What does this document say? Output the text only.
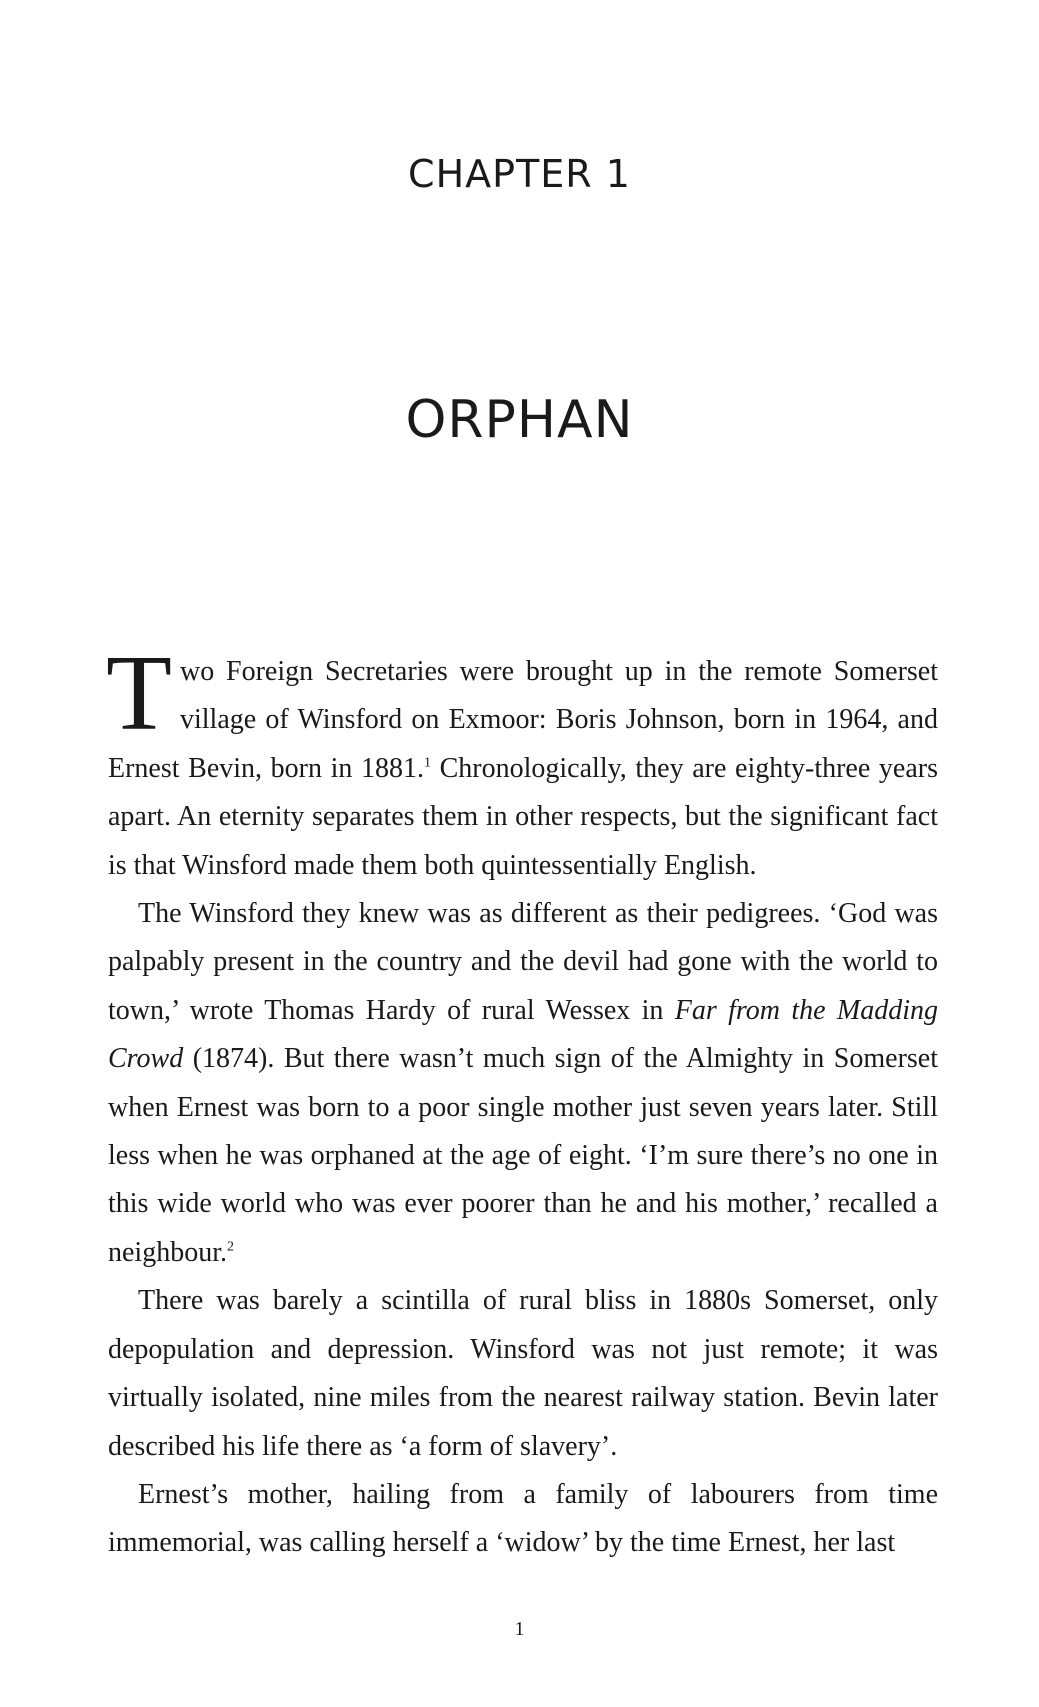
CHAPTER 1
ORPHAN

Two Foreign Secretaries were brought up in the remote Somerset village of Winsford on Exmoor: Boris Johnson, born in 1964, and Ernest Bevin, born in 1881.$^1$ Chronologically, they are eighty-three years apart. An eternity separates them in other respects, but the significant fact is that Winsford made them both quintessentially English.

The Winsford they knew was as different as their pedigrees. ‘God was palpably present in the country and the devil had gone with the world to town,’ wrote Thomas Hardy of rural Wessex in Far from the Madding Crowd (1874). But there wasn’t much sign of the Almighty in Somerset when Ernest was born to a poor single mother just seven years later. Still less when he was orphaned at the age of eight. ‘I’m sure there’s no one in this wide world who was ever poorer than he and his mother,’ recalled a neighbour.$^2$

There was barely a scintilla of rural bliss in 1880s Somerset, only depopulation and depression. Winsford was not just remote; it was virtually isolated, nine miles from the nearest railway station. Bevin later described his life there as ‘a form of slavery’.

Ernest’s mother, hailing from a family of labourers from time immemorial, was calling herself a ‘widow’ by the time Ernest, her last

1
